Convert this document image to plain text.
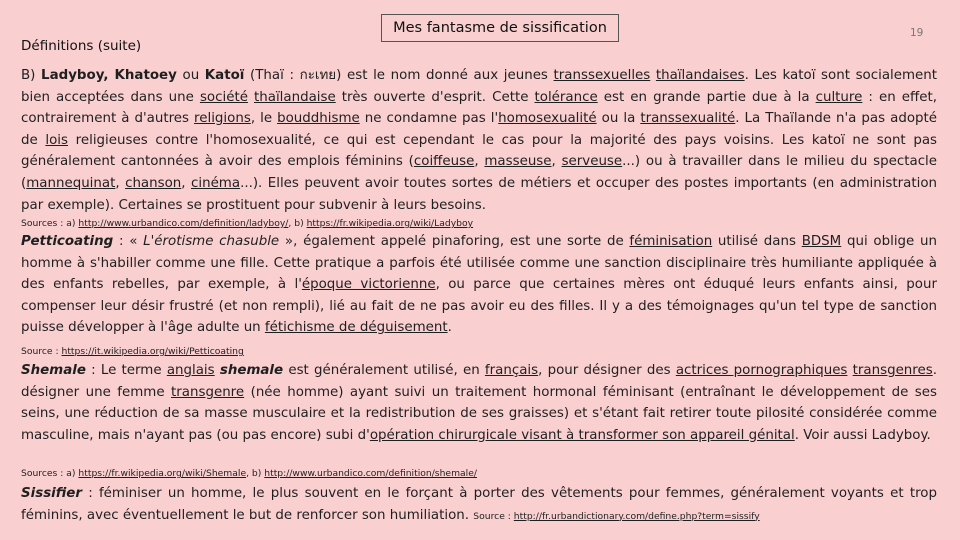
Mes fantasme de sissification	19
Définitions (suite)
B) Ladyboy, Khatoey ou Katoï (Thaï : กะเทย) est le nom donné aux jeunes transsexuelles thaïlandaises. Les katoï sont socialement bien acceptées dans une société thaïlandaise très ouverte d'esprit. Cette tolérance est en grande partie due à la culture : en effet, contrairement à d'autres religions, le bouddhisme ne condamne pas l'homosexualité ou la transsexualité. La Thaïlande n'a pas adopté de lois religieuses contre l'homosexualité, ce qui est cependant le cas pour la majorité des pays voisins. Les katoï ne sont pas généralement cantonnées à avoir des emplois féminins (coiffeuse, masseuse, serveuse...) ou à travailler dans le milieu du spectacle (mannequinat, chanson, cinéma...). Elles peuvent avoir toutes sortes de métiers et occuper des postes importants (en administration par exemple). Certaines se prostituent pour subvenir à leurs besoins.
Sources : a) http://www.urbandico.com/definition/ladyboy/, b) https://fr.wikipedia.org/wiki/Ladyboy
Petticoating : « L'érotisme chasuble », également appelé pinaforing, est une sorte de féminisation utilisé dans BDSM qui oblige un homme à s'habiller comme une fille. Cette pratique a parfois été utilisée comme une sanction disciplinaire très humiliante appliquée à des enfants rebelles, par exemple, à l'époque victorienne, ou parce que certaines mères ont éduqué leurs enfants ainsi, pour compenser leur désir frustré (et non rempli), lié au fait de ne pas avoir eu des filles. Il y a des témoignages qu'un tel type de sanction puisse développer à l'âge adulte un fétichisme de déguisement.
Source : https://it.wikipedia.org/wiki/Petticoating
Shemale : Le terme anglais shemale est généralement utilisé, en français, pour désigner des actrices pornographiques transgenres. désigner une femme transgenre (née homme) ayant suivi un traitement hormonal féminisant (entraînant le développement de ses seins, une réduction de sa masse musculaire et la redistribution de ses graisses) et s'étant fait retirer toute pilosité considérée comme masculine, mais n'ayant pas (ou pas encore) subi d'opération chirurgicale visant à transformer son appareil génital. Voir aussi Ladyboy.
Sources : a) https://fr.wikipedia.org/wiki/Shemale, b) http://www.urbandico.com/definition/shemale/
Sissifier : féminiser un homme, le plus souvent en le forçant à porter des vêtements pour femmes, généralement voyants et trop féminins, avec éventuellement le but de renforcer son humiliation. Source : http://fr.urbandictionary.com/define.php?term=sissify
